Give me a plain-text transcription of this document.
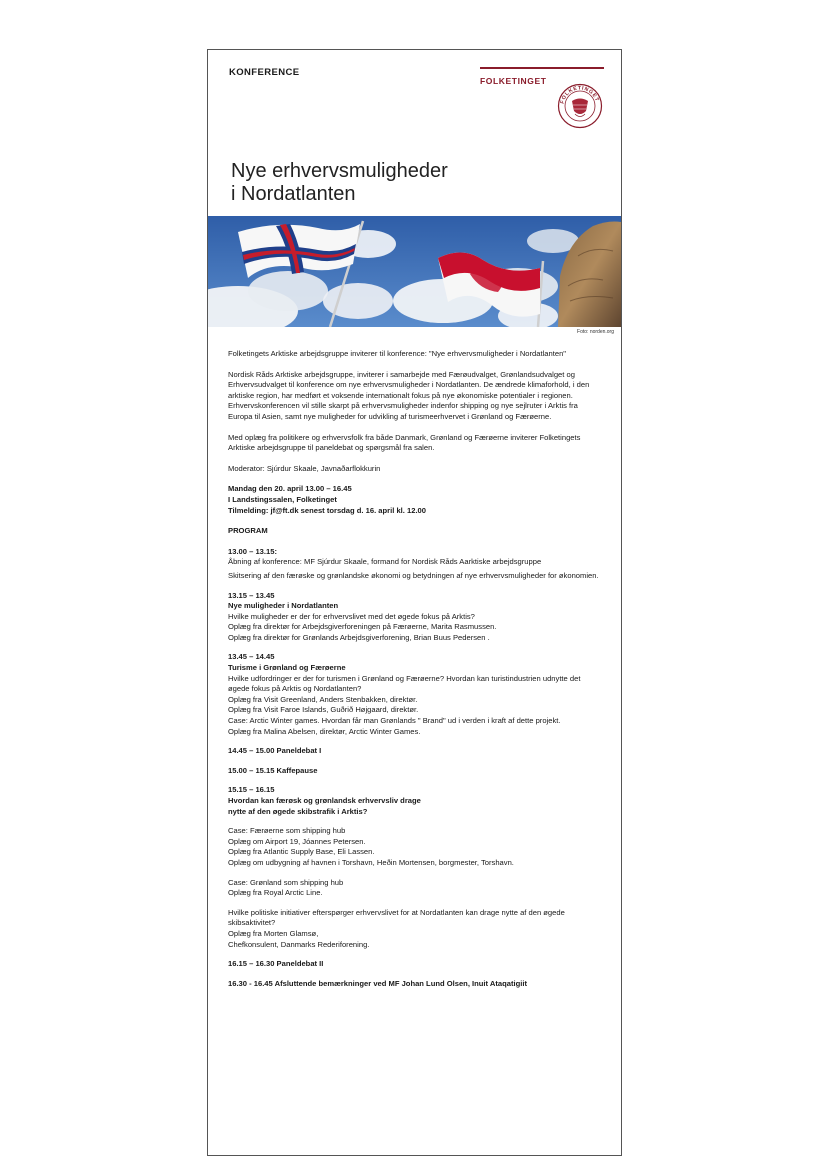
KONFERENCE
FOLKETINGET
FOLKETINGET
Nye erhvervsmuligheder
i Nordatlanten
Foto: norden.org

Folketingets Arktiske arbejdsgruppe inviterer til konference: "Nye erhvervsmuligheder i Nordatlanten"

Nordisk Råds Arktiske arbejdsgruppe, inviterer i samarbejde med Færøudvalget, Grønlandsudvalget og Erhvervsudvalget til konference om nye erhvervsmuligheder i Nordatlanten. De ændrede klimaforhold, i den arktiske region, har medført et voksende internationalt fokus på nye økonomiske potentialer i regionen. Erhvervskonferencen vil stille skarpt på erhvervsmuligheder indenfor shipping og nye sejlruter i Arktis fra Europa til Asien, samt nye muligheder for udvikling af turismeerhvervet i Grønland og Færøerne.

Med oplæg fra politikere og erhvervsfolk fra både Danmark, Grønland og Færøerne inviterer Folketingets Arktiske arbejdsgruppe til paneldebat og spørgsmål fra salen.

Moderator: Sjúrdur Skaale, Javnaðarflokkurin

Mandag den 20. april 13.00 – 16.45
I Landstingssalen, Folketinget
Tilmelding: jf@ft.dk senest torsdag d. 16. april kl. 12.00

PROGRAM

13.00 – 13.15:
Åbning af konference: MF Sjúrdur Skaale, formand for Nordisk Råds Aarktiske arbejdsgruppe
Skitsering af den færøske og grønlandske økonomi og betydningen af nye erhvervsmuligheder for økonomien.
13.15 – 13.45
Nye muligheder i Nordatlanten
Hvilke muligheder er der for erhvervslivet med det øgede fokus på Arktis?
Oplæg fra direktør for Arbejdsgiverforeningen på Færøerne, Marita Rasmussen.
Oplæg fra direktør for Grønlands Arbejdsgiverforening, Brian Buus Pedersen .
13.45 – 14.45
Turisme i Grønland og Færøerne
Hvilke udfordringer er der for turismen i Grønland og Færøerne? Hvordan kan turistindustrien udnytte det øgede fokus på Arktis og Nordatlanten?
Oplæg fra Visit Greenland, Anders Stenbakken, direktør.
Oplæg fra Visit Faroe Islands, Guðrið Højgaard, direktør.
Case: Arctic Winter games. Hvordan får man Grønlands " Brand" ud i verden i kraft af dette projekt.
Oplæg fra Malina Abelsen, direktør, Arctic Winter Games.
14.45 – 15.00 Paneldebat I
15.00 – 15.15 Kaffepause
15.15 – 16.15
Hvordan kan færøsk og grønlandsk erhvervsliv drage
nytte af den øgede skibstrafik i Arktis?
Case: Færøerne som shipping hub
Oplæg om Airport 19, Jóannes Petersen.
Oplæg fra Atlantic Supply Base, Eli Lassen.
Oplæg om udbygning af havnen i Torshavn, Heðin Mortensen, borgmester, Torshavn.
Case: Grønland som shipping hub
Oplæg fra Royal Arctic Line.
Hvilke politiske initiativer efterspørger erhvervslivet for at Nordatlanten kan drage nytte af den øgede skibsaktivitet?
Oplæg fra Morten Glamsø,
Chefkonsulent, Danmarks Rederiforening.
16.15 – 16.30 Paneldebat II
16.30 - 16.45 Afsluttende bemærkninger ved MF Johan Lund Olsen, Inuit Ataqatigiit
